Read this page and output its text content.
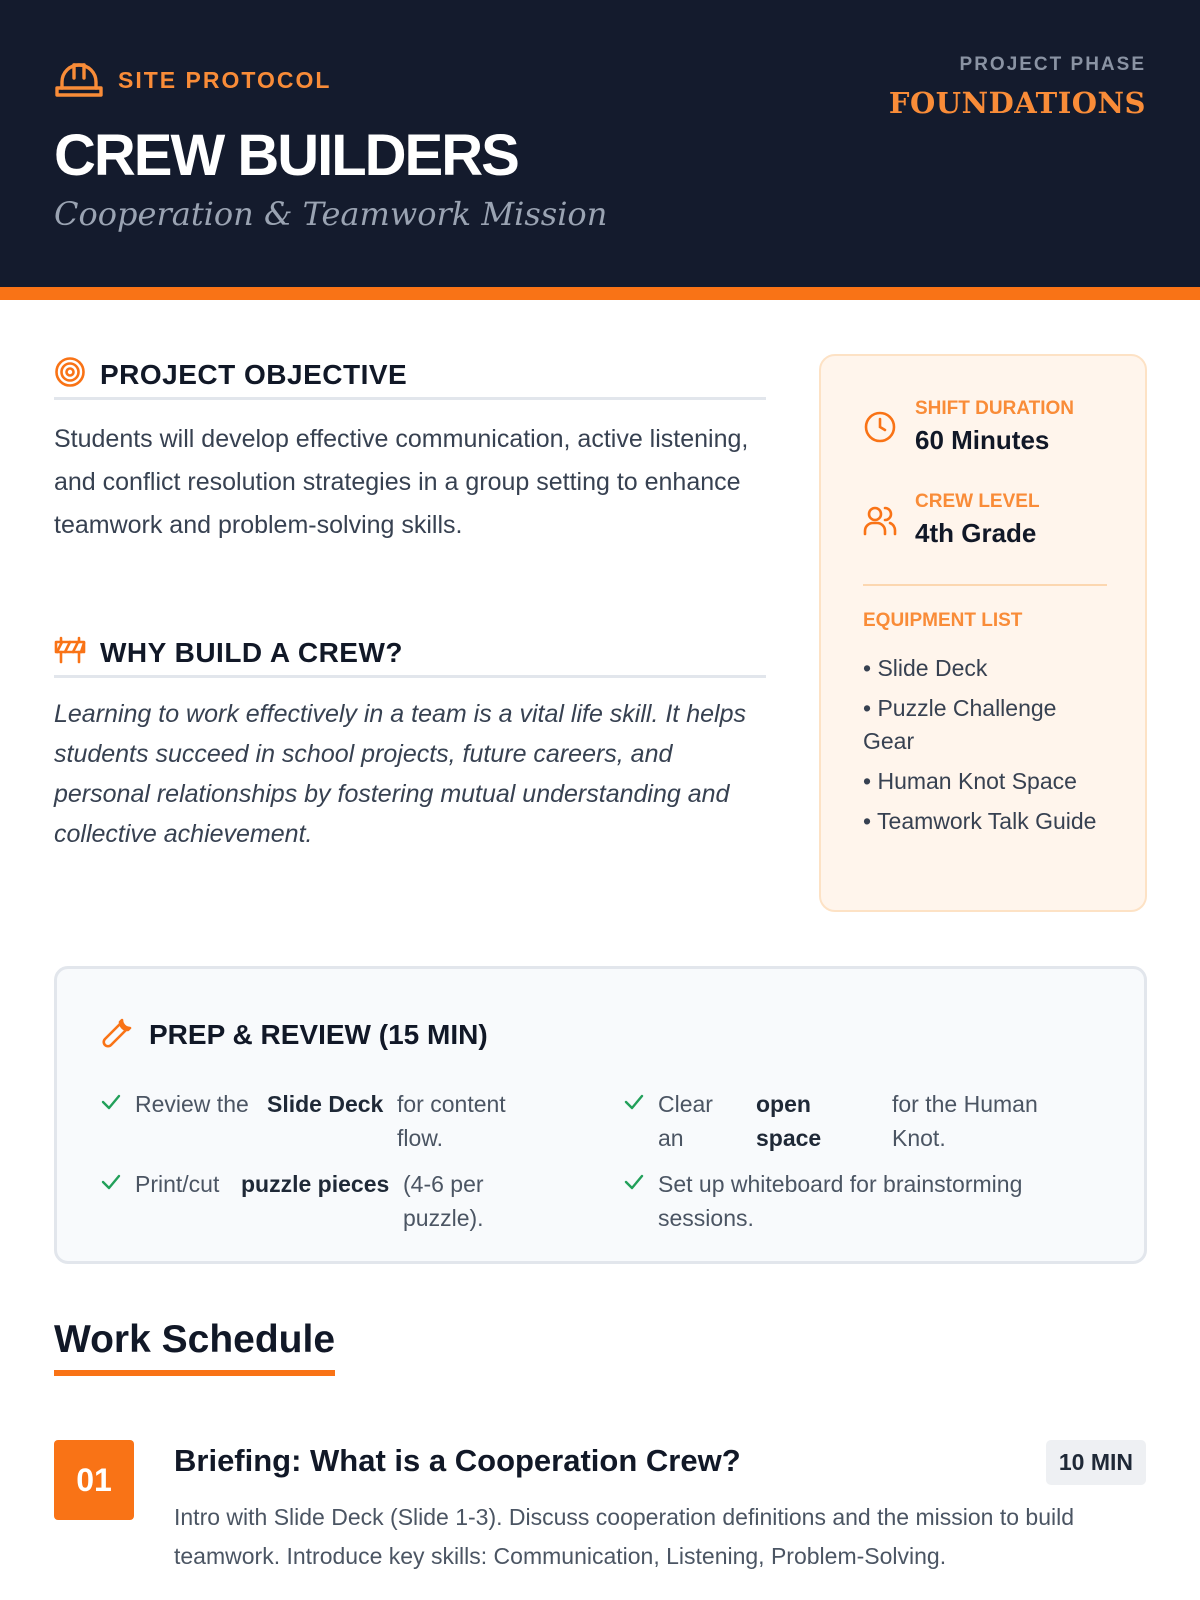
SITE PROTOCOL
CREW BUILDERS
Cooperation & Teamwork Mission
PROJECT PHASE
FOUNDATIONS
PROJECT OBJECTIVE
Students will develop effective communication, active listening, and conflict resolution strategies in a group setting to enhance teamwork and problem-solving skills.
WHY BUILD A CREW?
Learning to work effectively in a team is a vital life skill. It helps students succeed in school projects, future careers, and personal relationships by fostering mutual understanding and collective achievement.
SHIFT DURATION
60 Minutes
CREW LEVEL
4th Grade
EQUIPMENT LIST
• Slide Deck
• Puzzle Challenge Gear
• Human Knot Space
• Teamwork Talk Guide
PREP & REVIEW (15 MIN)
Review the Slide Deck for content flow.
Clear an
open space
for the Human Knot.
Print/cut puzzle pieces (4-6 per puzzle).
Set up whiteboard for brainstorming sessions.
Work Schedule
01
Briefing: What is a Cooperation Crew?	10 MIN
Intro with Slide Deck (Slide 1-3). Discuss cooperation definitions and the mission to build teamwork. Introduce key skills: Communication, Listening, Problem-Solving.
